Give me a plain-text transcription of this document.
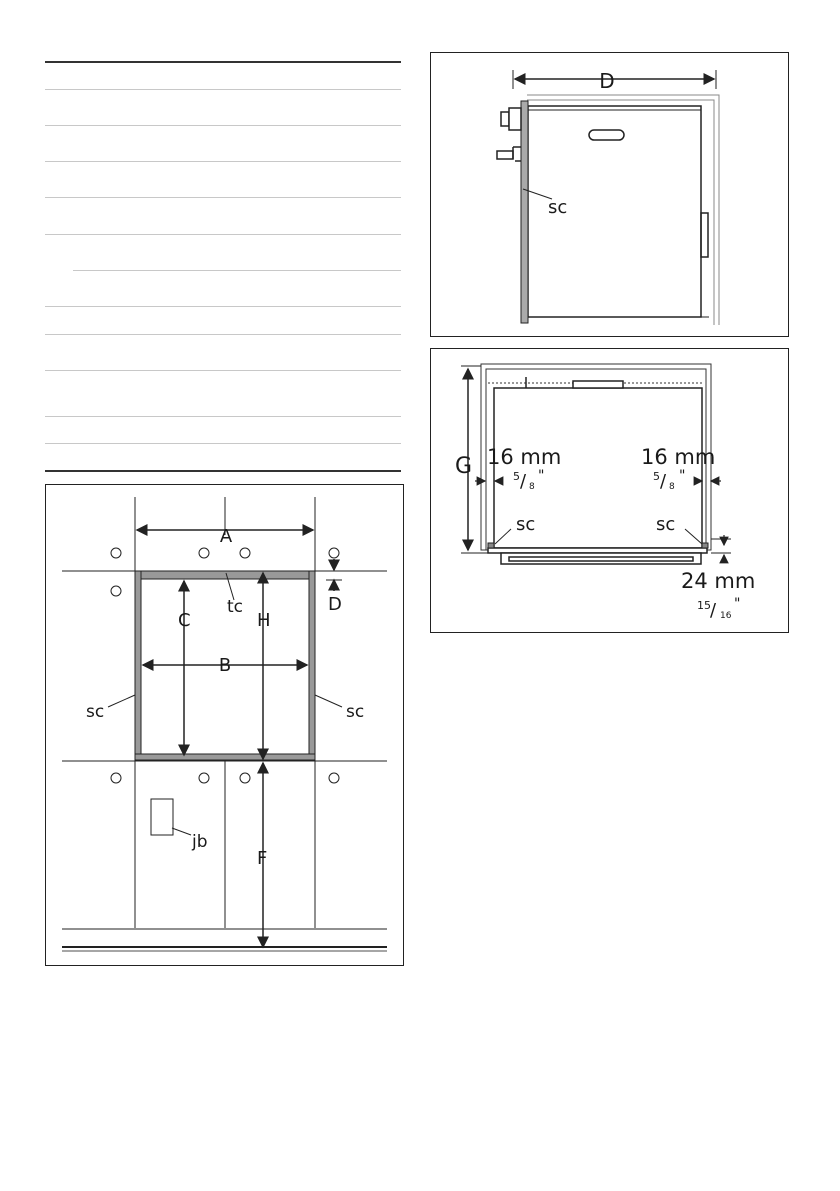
A
B
C	H
D
F
tc
sc	sc
jb
D
sc
G 16 mm	16 mm
5 / 8
"	5 / 8
"
sc	sc
24 mm
15 / 16
"
